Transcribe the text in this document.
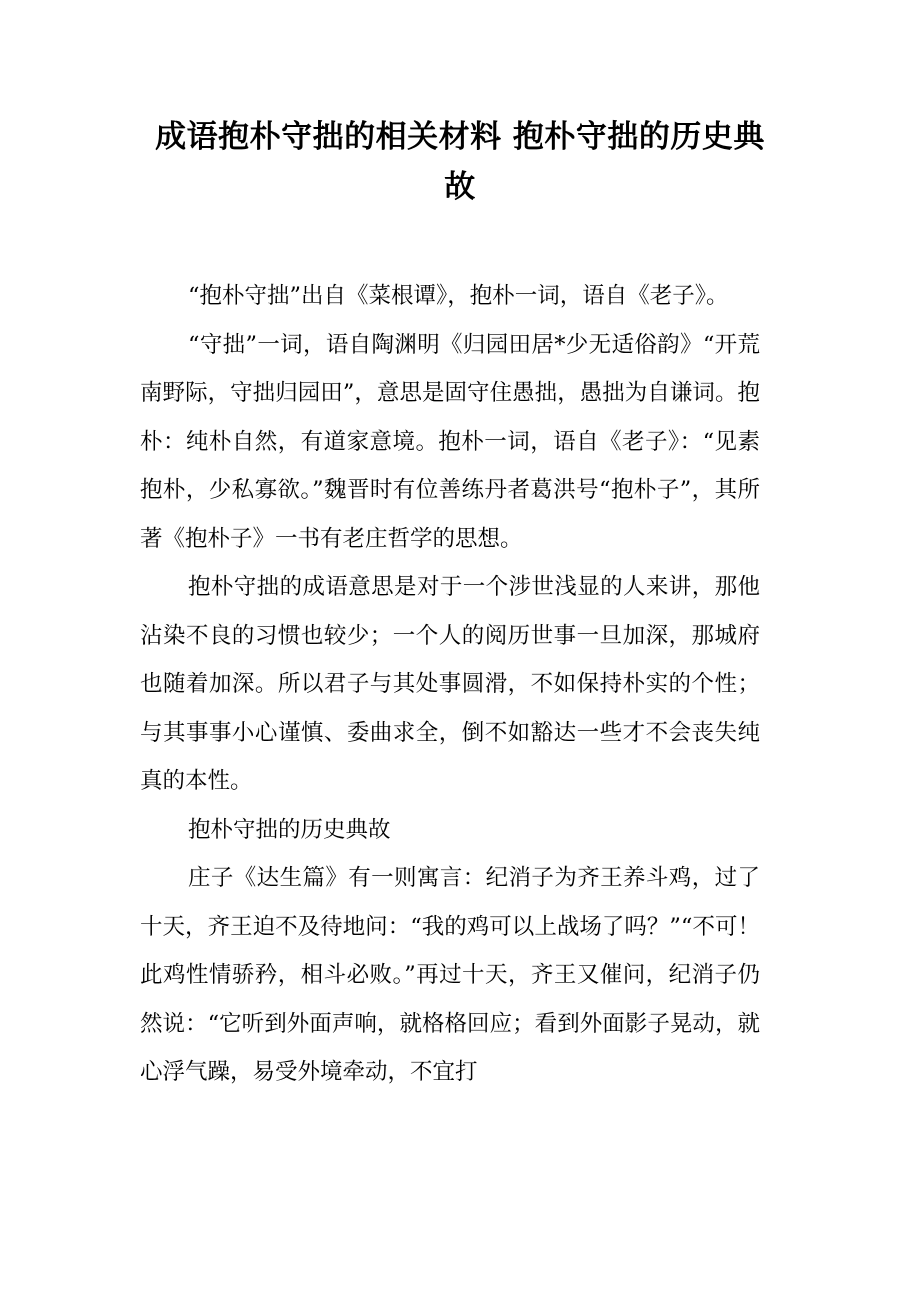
成语抱朴守拙的相关材料 抱朴守拙的历史典故

“抱朴守拙”出自《菜根谭》，抱朴一词，语自《老子》。

“守拙”一词，语自陶渊明《归园田居*少无适俗韵》“开荒南野际，守拙归园田”，意思是固守住愚拙，愚拙为自谦词。抱朴：纯朴自然，有道家意境。抱朴一词，语自《老子》：“见素抱朴，少私寡欲。”魏晋时有位善练丹者葛洪号“抱朴子”，其所著《抱朴子》一书有老庄哲学的思想。

抱朴守拙的成语意思是对于一个涉世浅显的人来讲，那他沾染不良的习惯也较少；一个人的阅历世事一旦加深，那城府也随着加深。所以君子与其处事圆滑，不如保持朴实的个性；与其事事小心谨慎、委曲求全，倒不如豁达一些才不会丧失纯真的本性。

抱朴守拙的历史典故

庄子《达生篇》有一则寓言：纪消子为齐王养斗鸡，过了十天，齐王迫不及待地问：“我的鸡可以上战场了吗？”“不可！此鸡性情骄矜，相斗必败。”再过十天，齐王又催问，纪消子仍然说：“它听到外面声响，就格格回应；看到外面影子晃动，就心浮气躁，易受外境牵动，不宜打
